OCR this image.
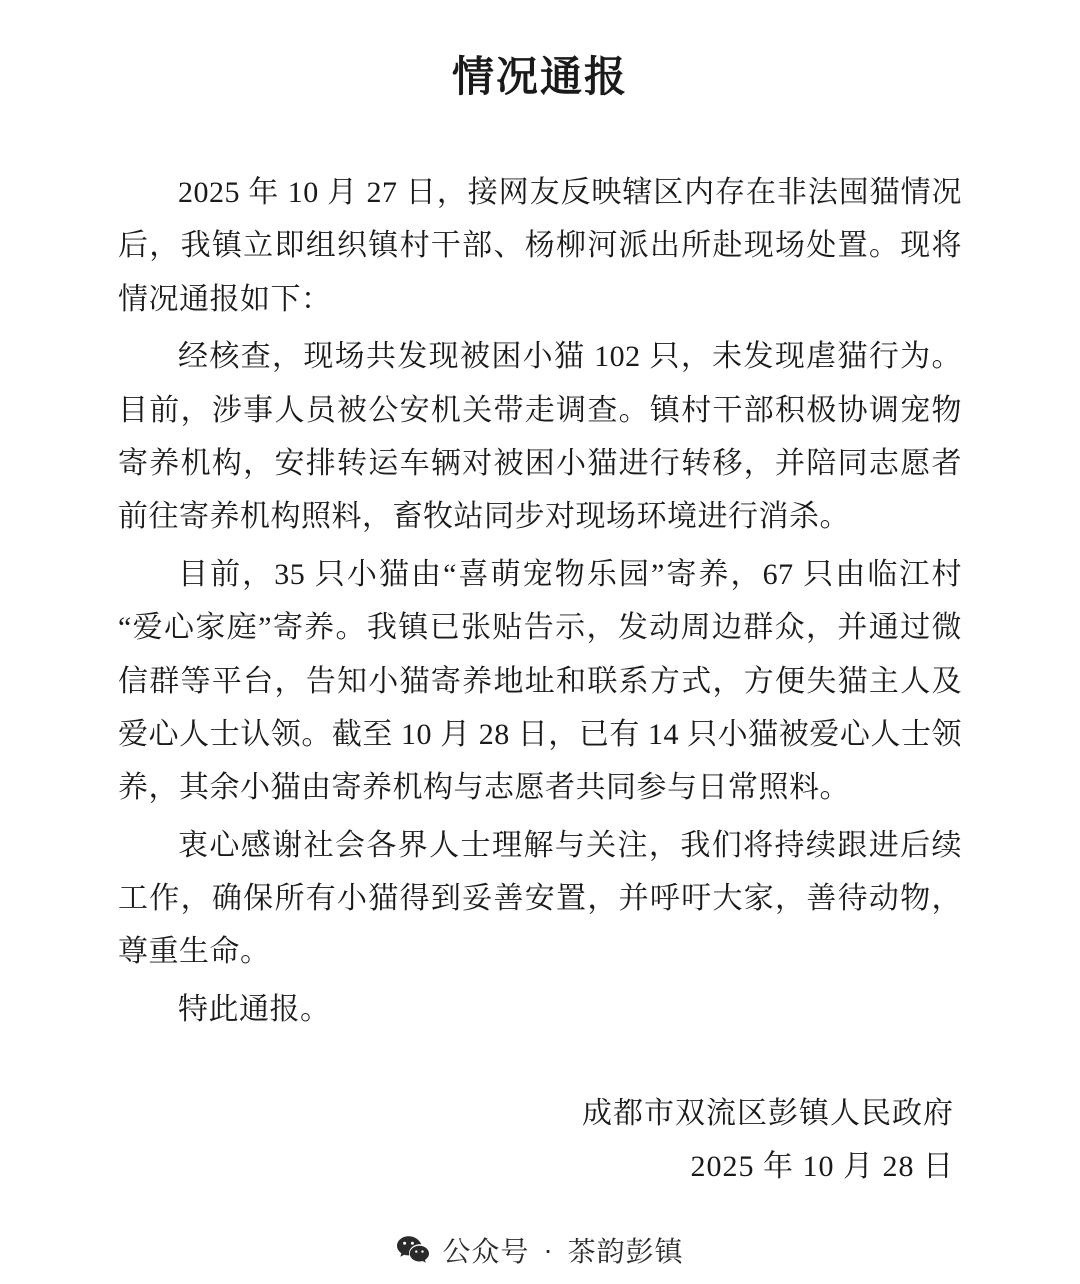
情况通报

2025 年 10 月 27 日，接网友反映辖区内存在非法囤猫情况后，我镇立即组织镇村干部、杨柳河派出所赴现场处置。现将情况通报如下：

经核查，现场共发现被困小猫 102 只，未发现虐猫行为。目前，涉事人员被公安机关带走调查。镇村干部积极协调宠物寄养机构，安排转运车辆对被困小猫进行转移，并陪同志愿者前往寄养机构照料，畜牧站同步对现场环境进行消杀。

目前，35 只小猫由“喜萌宠物乐园”寄养，67 只由临江村“爱心家庭”寄养。我镇已张贴告示，发动周边群众，并通过微信群等平台，告知小猫寄养地址和联系方式，方便失猫主人及爱心人士认领。截至 10 月 28 日，已有 14 只小猫被爱心人士领养，其余小猫由寄养机构与志愿者共同参与日常照料。

衷心感谢社会各界人士理解与关注，我们将持续跟进后续工作，确保所有小猫得到妥善安置，并呼吁大家，善待动物，尊重生命。

特此通报。

成都市双流区彭镇人民政府
2025 年 10 月 28 日
公众号 · 茶韵彭镇
